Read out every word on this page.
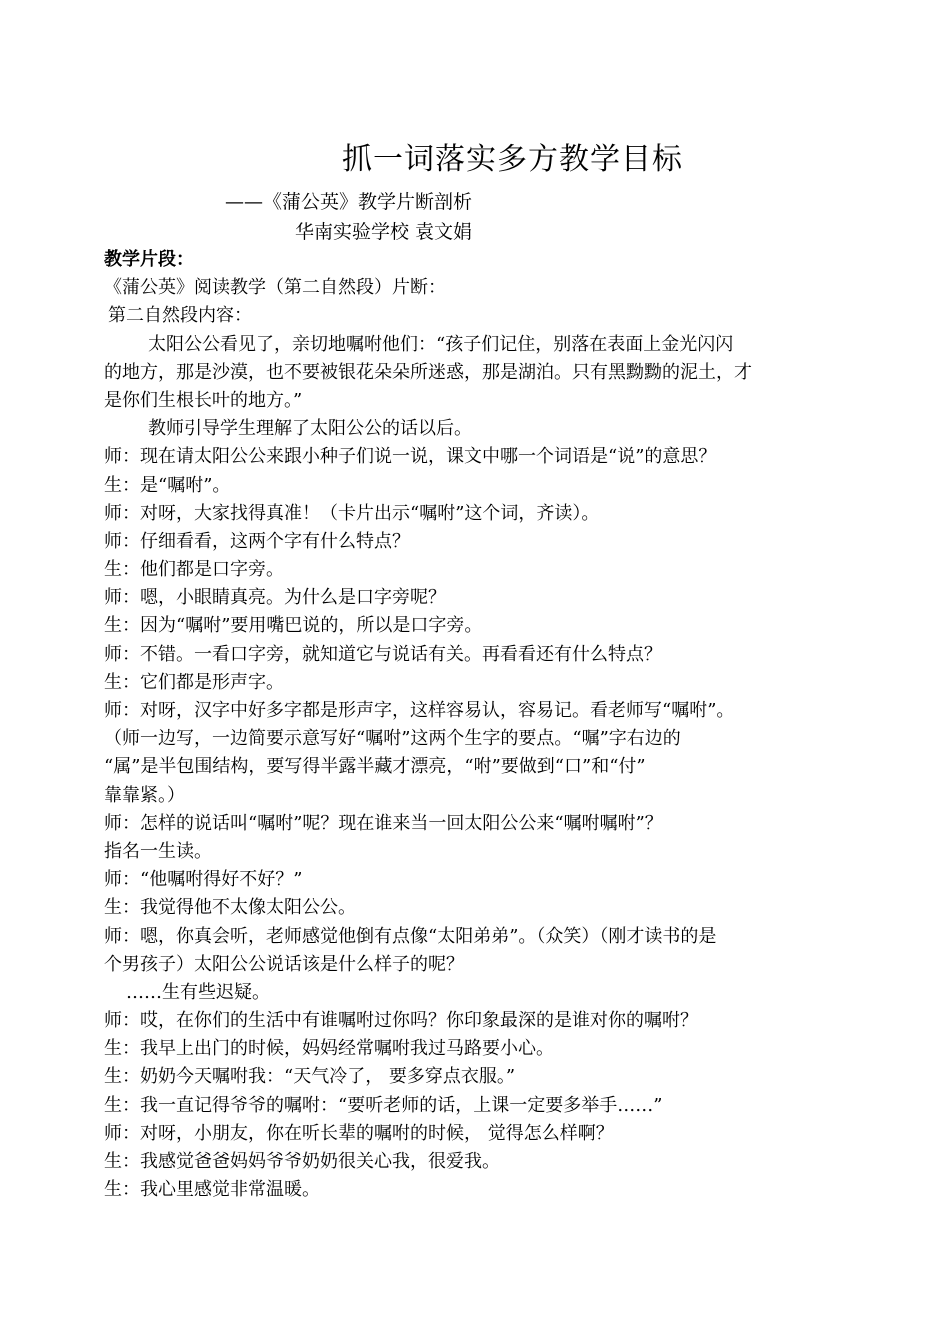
抓一词落实多方教学目标
——《蒲公英》教学片断剖析
华南实验学校 袁文娟
教学片段：
《蒲公英》阅读教学（第二自然段）片断：
第二自然段内容：
太阳公公看见了，亲切地嘱咐他们：“孩子们记住，别落在表面上金光闪闪
的地方，那是沙漠，也不要被银花朵朵所迷惑，那是湖泊。只有黑黝黝的泥土，才
是你们生根长叶的地方。”
教师引导学生理解了太阳公公的话以后。
师：现在请太阳公公来跟小种子们说一说，课文中哪一个词语是“说”的意思？
生：是“嘱咐”。
师：对呀，大家找得真准！（卡片出示“嘱咐”这个词，齐读）。
师：仔细看看，这两个字有什么特点？
生：他们都是口字旁。
师：嗯，小眼睛真亮。为什么是口字旁呢？
生：因为“嘱咐”要用嘴巴说的，所以是口字旁。
师：不错。一看口字旁，就知道它与说话有关。再看看还有什么特点？
生：它们都是形声字。
师：对呀，汉字中好多字都是形声字，这样容易认，容易记。看老师写“嘱咐”。
（师一边写，一边简要示意写好“嘱咐”这两个生字的要点。“嘱”字右边的
“属”是半包围结构，要写得半露半藏才漂亮，“咐”要做到“口”和“付”
靠靠紧。）
师：怎样的说话叫“嘱咐”呢？现在谁来当一回太阳公公来“嘱咐嘱咐”？
指名一生读。
师：“他嘱咐得好不好？”
生：我觉得他不太像太阳公公。
师：嗯，你真会听，老师感觉他倒有点像“太阳弟弟”。（众笑）（刚才读书的是
个男孩子）太阳公公说话该是什么样子的呢？
……生有些迟疑。
师：哎，在你们的生活中有谁嘱咐过你吗？你印象最深的是谁对你的嘱咐？
生：我早上出门的时候，妈妈经常嘱咐我过马路要小心。
生：奶奶今天嘱咐我：“天气冷了， 要多穿点衣服。”
生：我一直记得爷爷的嘱咐：“要听老师的话，上课一定要多举手……”
师：对呀，小朋友，你在听长辈的嘱咐的时候， 觉得怎么样啊？
生：我感觉爸爸妈妈爷爷奶奶很关心我，很爱我。
生：我心里感觉非常温暖。
